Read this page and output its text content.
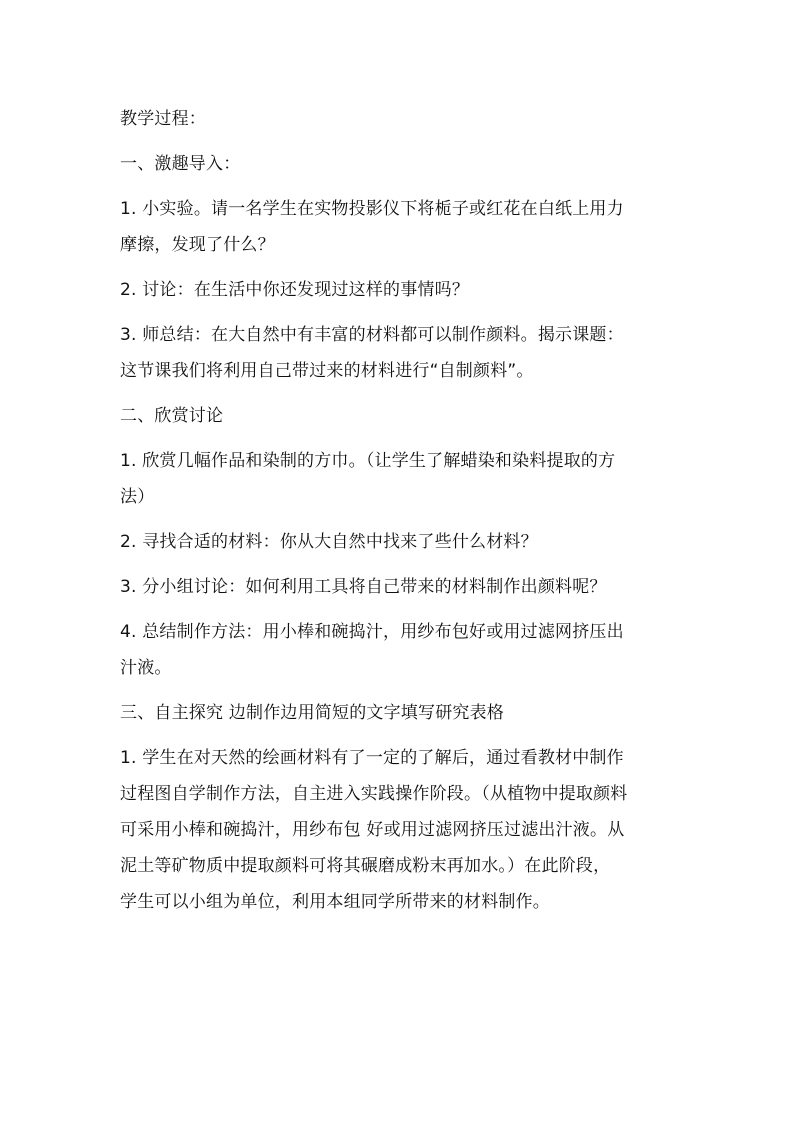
教学过程：
一、激趣导入：
1. 小实验。请一名学生在实物投影仪下将栀子或红花在白纸上用力
摩擦，发现了什么？
2. 讨论：在生活中你还发现过这样的事情吗？
3. 师总结：在大自然中有丰富的材料都可以制作颜料。揭示课题：
这节课我们将利用自己带过来的材料进行“自制颜料”。
二、欣赏讨论
1. 欣赏几幅作品和染制的方巾。（让学生了解蜡染和染料提取的方
法）
2. 寻找合适的材料：你从大自然中找来了些什么材料？
3. 分小组讨论：如何利用工具将自己带来的材料制作出颜料呢？
4. 总结制作方法：用小棒和碗捣汁，用纱布包好或用过滤网挤压出
汁液。
三、自主探究 边制作边用简短的文字填写研究表格
1. 学生在对天然的绘画材料有了一定的了解后，通过看教材中制作
过程图自学制作方法，自主进入实践操作阶段。（从植物中提取颜料
可采用小棒和碗捣汁，用纱布包 好或用过滤网挤压过滤出汁液。从
泥土等矿物质中提取颜料可将其碾磨成粉末再加水。）在此阶段，
学生可以小组为单位，利用本组同学所带来的材料制作。
